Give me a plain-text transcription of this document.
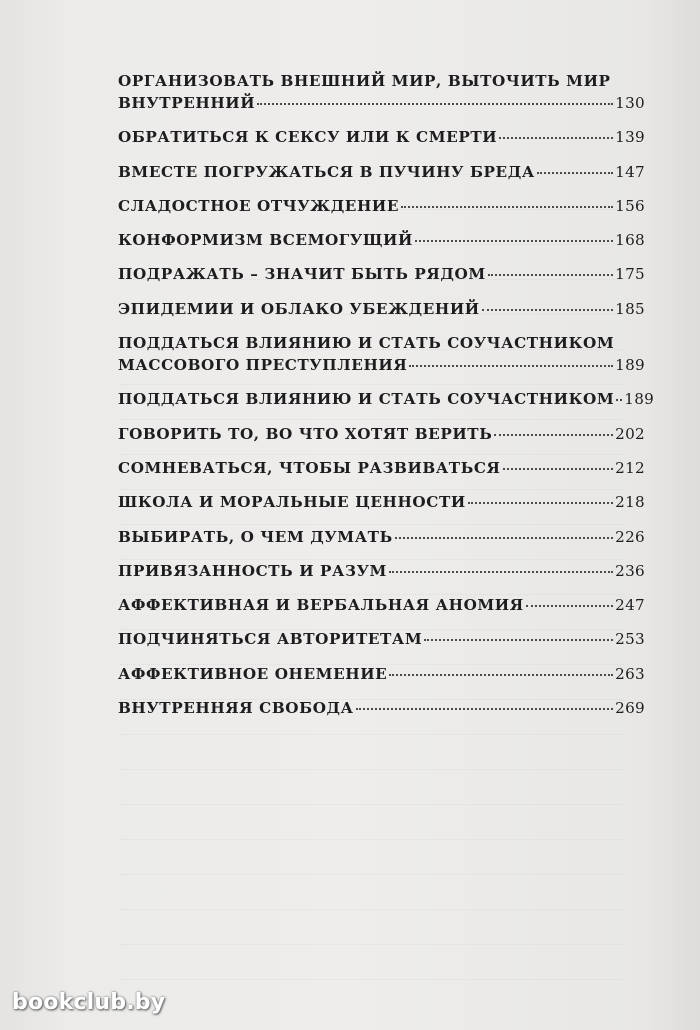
ОРГАНИЗОВАТЬ ВНЕШНИЙ МИР, ВЫТОЧИТЬ МИР
ВНУТРЕННИЙ	130
ОБРАТИТЬСЯ К СЕКСУ ИЛИ К СМЕРТИ	139
ВМЕСТЕ ПОГРУЖАТЬСЯ В ПУЧИНУ БРЕДА	147
СЛАДОСТНОЕ ОТЧУЖДЕНИЕ	156
КОНФОРМИЗМ ВСЕМОГУЩИЙ	168
ПОДРАЖАТЬ – ЗНАЧИТ БЫТЬ РЯДОМ	175
ЭПИДЕМИИ И ОБЛАКО УБЕЖДЕНИЙ	185
ПОДДАТЬСЯ ВЛИЯНИЮ И СТАТЬ СОУЧАСТНИКОМ
МАССОВОГО ПРЕСТУПЛЕНИЯ	189
ПОДДАТЬСЯ ВЛИЯНИЮ И СТАТЬ СОУЧАСТНИКОМ 189
ГОВОРИТЬ ТО, ВО ЧТО ХОТЯТ ВЕРИТЬ	202
СОМНЕВАТЬСЯ, ЧТОБЫ РАЗВИВАТЬСЯ	212
ШКОЛА И МОРАЛЬНЫЕ ЦЕННОСТИ	218
ВЫБИРАТЬ, О ЧЕМ ДУМАТЬ	226
ПРИВЯЗАННОСТЬ И РАЗУМ	236
АФФЕКТИВНАЯ И ВЕРБАЛЬНАЯ АНОМИЯ	247
ПОДЧИНЯТЬСЯ АВТОРИТЕТАМ	253
АФФЕКТИВНОЕ ОНЕМЕНИЕ	263
ВНУТРЕННЯЯ СВОБОДА	269
bookclub.by
